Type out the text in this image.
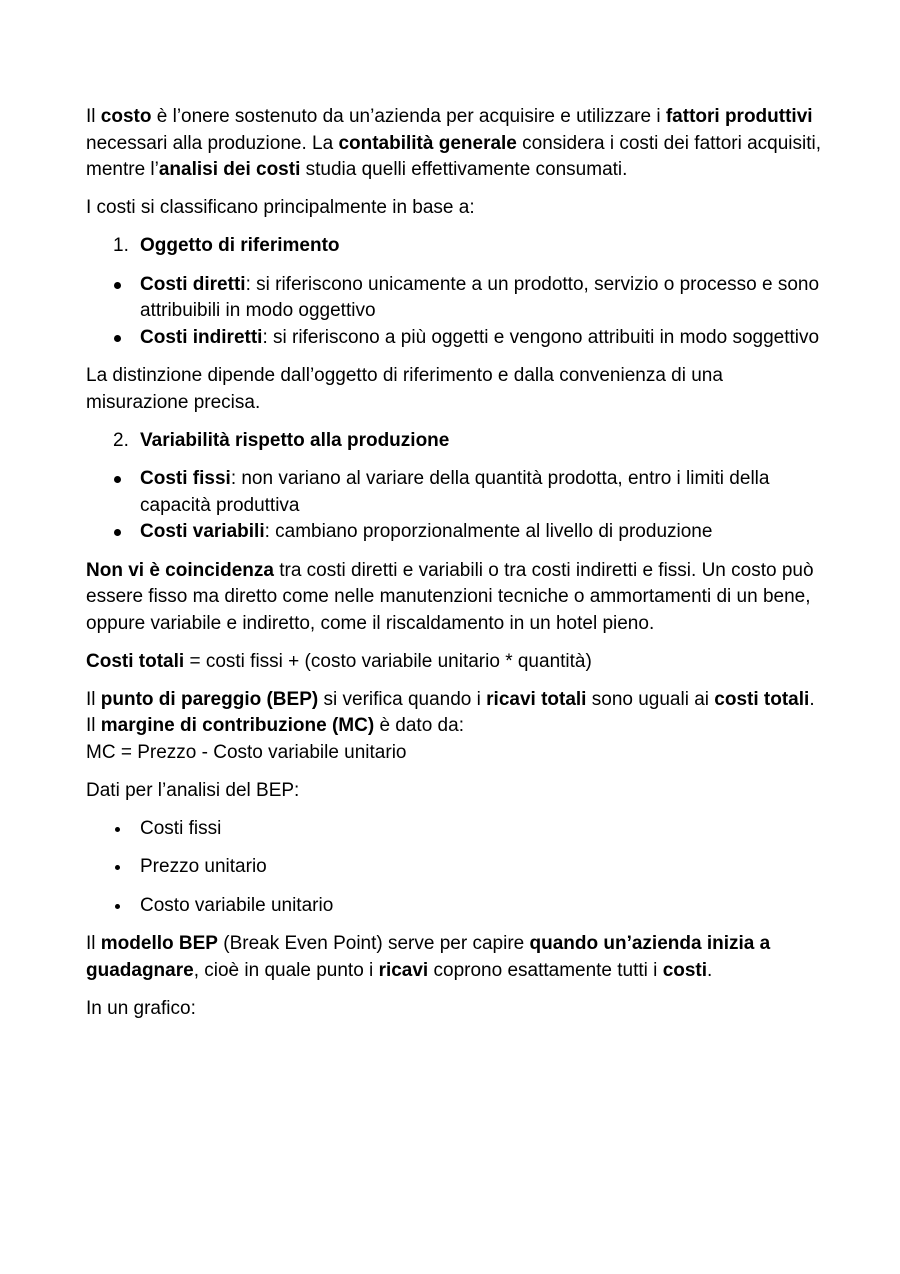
Il costo è l’onere sostenuto da un’azienda per acquisire e utilizzare i fattori produttivi necessari alla produzione. La contabilità generale considera i costi dei fattori acquisiti, mentre l’analisi dei costi studia quelli effettivamente consumati.

I costi si classificano principalmente in base a:

1. Oggetto di riferimento
Costi diretti: si riferiscono unicamente a un prodotto, servizio o processo e sono attribuibili in modo oggettivo
Costi indiretti: si riferiscono a più oggetti e vengono attribuiti in modo soggettivo

La distinzione dipende dall’oggetto di riferimento e dalla convenienza di una misurazione precisa.

2. Variabilità rispetto alla produzione
Costi fissi: non variano al variare della quantità prodotta, entro i limiti della capacità produttiva
Costi variabili: cambiano proporzionalmente al livello di produzione

Non vi è coincidenza tra costi diretti e variabili o tra costi indiretti e fissi. Un costo può essere fisso ma diretto come nelle manutenzioni tecniche o ammortamenti di un bene, oppure variabile e indiretto, come il riscaldamento in un hotel pieno.

Costi totali = costi fissi + (costo variabile unitario * quantità)

Il punto di pareggio (BEP) si verifica quando i ricavi totali sono uguali ai costi totali.
Il margine di contribuzione (MC) è dato da:
MC = Prezzo - Costo variabile unitario

Dati per l’analisi del BEP:

Costi fissi
Prezzo unitario
Costo variabile unitario

Il modello BEP (Break Even Point) serve per capire quando un’azienda inizia a guadagnare, cioè in quale punto i ricavi coprono esattamente tutti i costi.

In un grafico:
